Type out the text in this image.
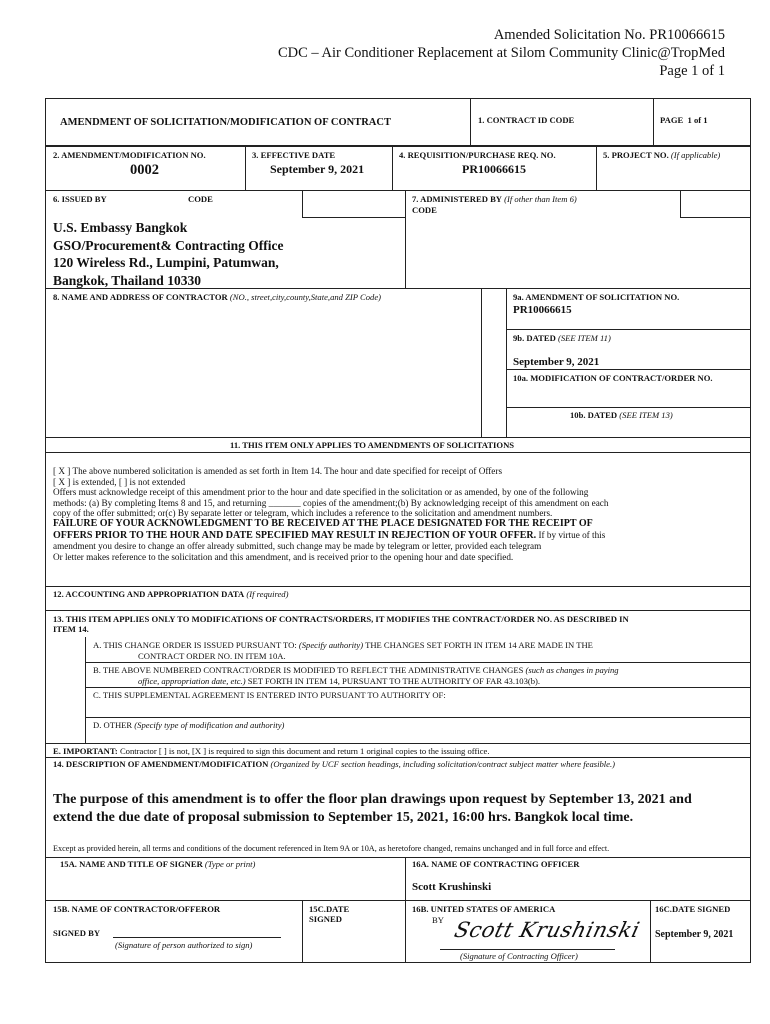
Amended Solicitation No. PR10066615
CDC – Air Conditioner Replacement at Silom Community Clinic@TropMed
Page 1 of 1
AMENDMENT OF SOLICITATION/MODIFICATION OF CONTRACT	1. CONTRACT ID CODE	PAGE 1 of 1
2. AMENDMENT/MODIFICATION NO.
0002
3. EFFECTIVE DATE
September 9, 2021
4. REQUISITION/PURCHASE REQ. NO.
PR10066615
5. PROJECT NO. (If applicable)
6. ISSUED BY	CODE
U.S. Embassy Bangkok
GSO/Procurement& Contracting Office
120 Wireless Rd., Lumpini, Patumwan,
Bangkok, Thailand 10330
7. ADMINISTERED BY (If other than Item 6)
CODE
8. NAME AND ADDRESS OF CONTRACTOR (NO., street,city,county,State,and ZIP Code)	9a. AMENDMENT OF SOLICITATION NO.
PR10066615
9b. DATED (SEE ITEM 11)
September 9, 2021
10a. MODIFICATION OF CONTRACT/ORDER NO.
10b. DATED (SEE ITEM 13)
11. THIS ITEM ONLY APPLIES TO AMENDMENTS OF SOLICITATIONS
[ X ] The above numbered solicitation is amended as set forth in Item 14. The hour and date specified for receipt of Offers
[ X ] is extended, [ ] is not extended
Offers must acknowledge receipt of this amendment prior to the hour and date specified in the solicitation or as amended, by one of the following
methods: (a) By completing Items 8 and 15, and returning _______ copies of the amendment;(b) By acknowledging receipt of this amendment on each
copy of the offer submitted; or(c) By separate letter or telegram, which includes a reference to the solicitation and amendment numbers.
FAILURE OF YOUR ACKNOWLEDGMENT TO BE RECEIVED AT THE PLACE DESIGNATED FOR THE RECEIPT OF
OFFERS PRIOR TO THE HOUR AND DATE SPECIFIED MAY RESULT IN REJECTION OF YOUR OFFER. If by virtue of this
amendment you desire to change an offer already submitted, such change may be made by telegram or letter, provided each telegram
Or letter makes reference to the solicitation and this amendment, and is received prior to the opening hour and date specified.
12. ACCOUNTING AND APPROPRIATION DATA (If required)
13. THIS ITEM APPLIES ONLY TO MODIFICATIONS OF CONTRACTS/ORDERS, IT MODIFIES THE CONTRACT/ORDER NO. AS DESCRIBED IN
ITEM 14.
A. THIS CHANGE ORDER IS ISSUED PURSUANT TO: (Specify authority) THE CHANGES SET FORTH IN ITEM 14 ARE MADE IN THE
CONTRACT ORDER NO. IN ITEM 10A.
B. THE ABOVE NUMBERED CONTRACT/ORDER IS MODIFIED TO REFLECT THE ADMINISTRATIVE CHANGES (such as changes in paying
office, appropriation date, etc.) SET FORTH IN ITEM 14, PURSUANT TO THE AUTHORITY OF FAR 43.103(b).
C. THIS SUPPLEMENTAL AGREEMENT IS ENTERED INTO PURSUANT TO AUTHORITY OF:
D. OTHER (Specify type of modification and authority)
E. IMPORTANT: Contractor [ ] is not, [X ] is required to sign this document and return 1 original copies to the issuing office.
14. DESCRIPTION OF AMENDMENT/MODIFICATION (Organized by UCF section headings, including solicitation/contract subject matter where feasible.)
The purpose of this amendment is to offer the floor plan drawings upon request by September 13, 2021 and
extend the due date of proposal submission to September 15, 2021, 16:00 hrs. Bangkok local time.
Except as provided herein, all terms and conditions of the document referenced in Item 9A or 10A, as heretofore changed, remains unchanged and in full force and effect.
15A. NAME AND TITLE OF SIGNER (Type or print)	16A. NAME OF CONTRACTING OFFICER
Scott Krushinski
15B. NAME OF CONTRACTOR/OFFEROR
SIGNED BY
(Signature of person authorized to sign)
15C.DATE
SIGNED
16B. UNITED STATES OF AMERICA
BY Scott Krushinski
(Signature of Contracting Officer)
16C.DATE SIGNED
September 9, 2021
